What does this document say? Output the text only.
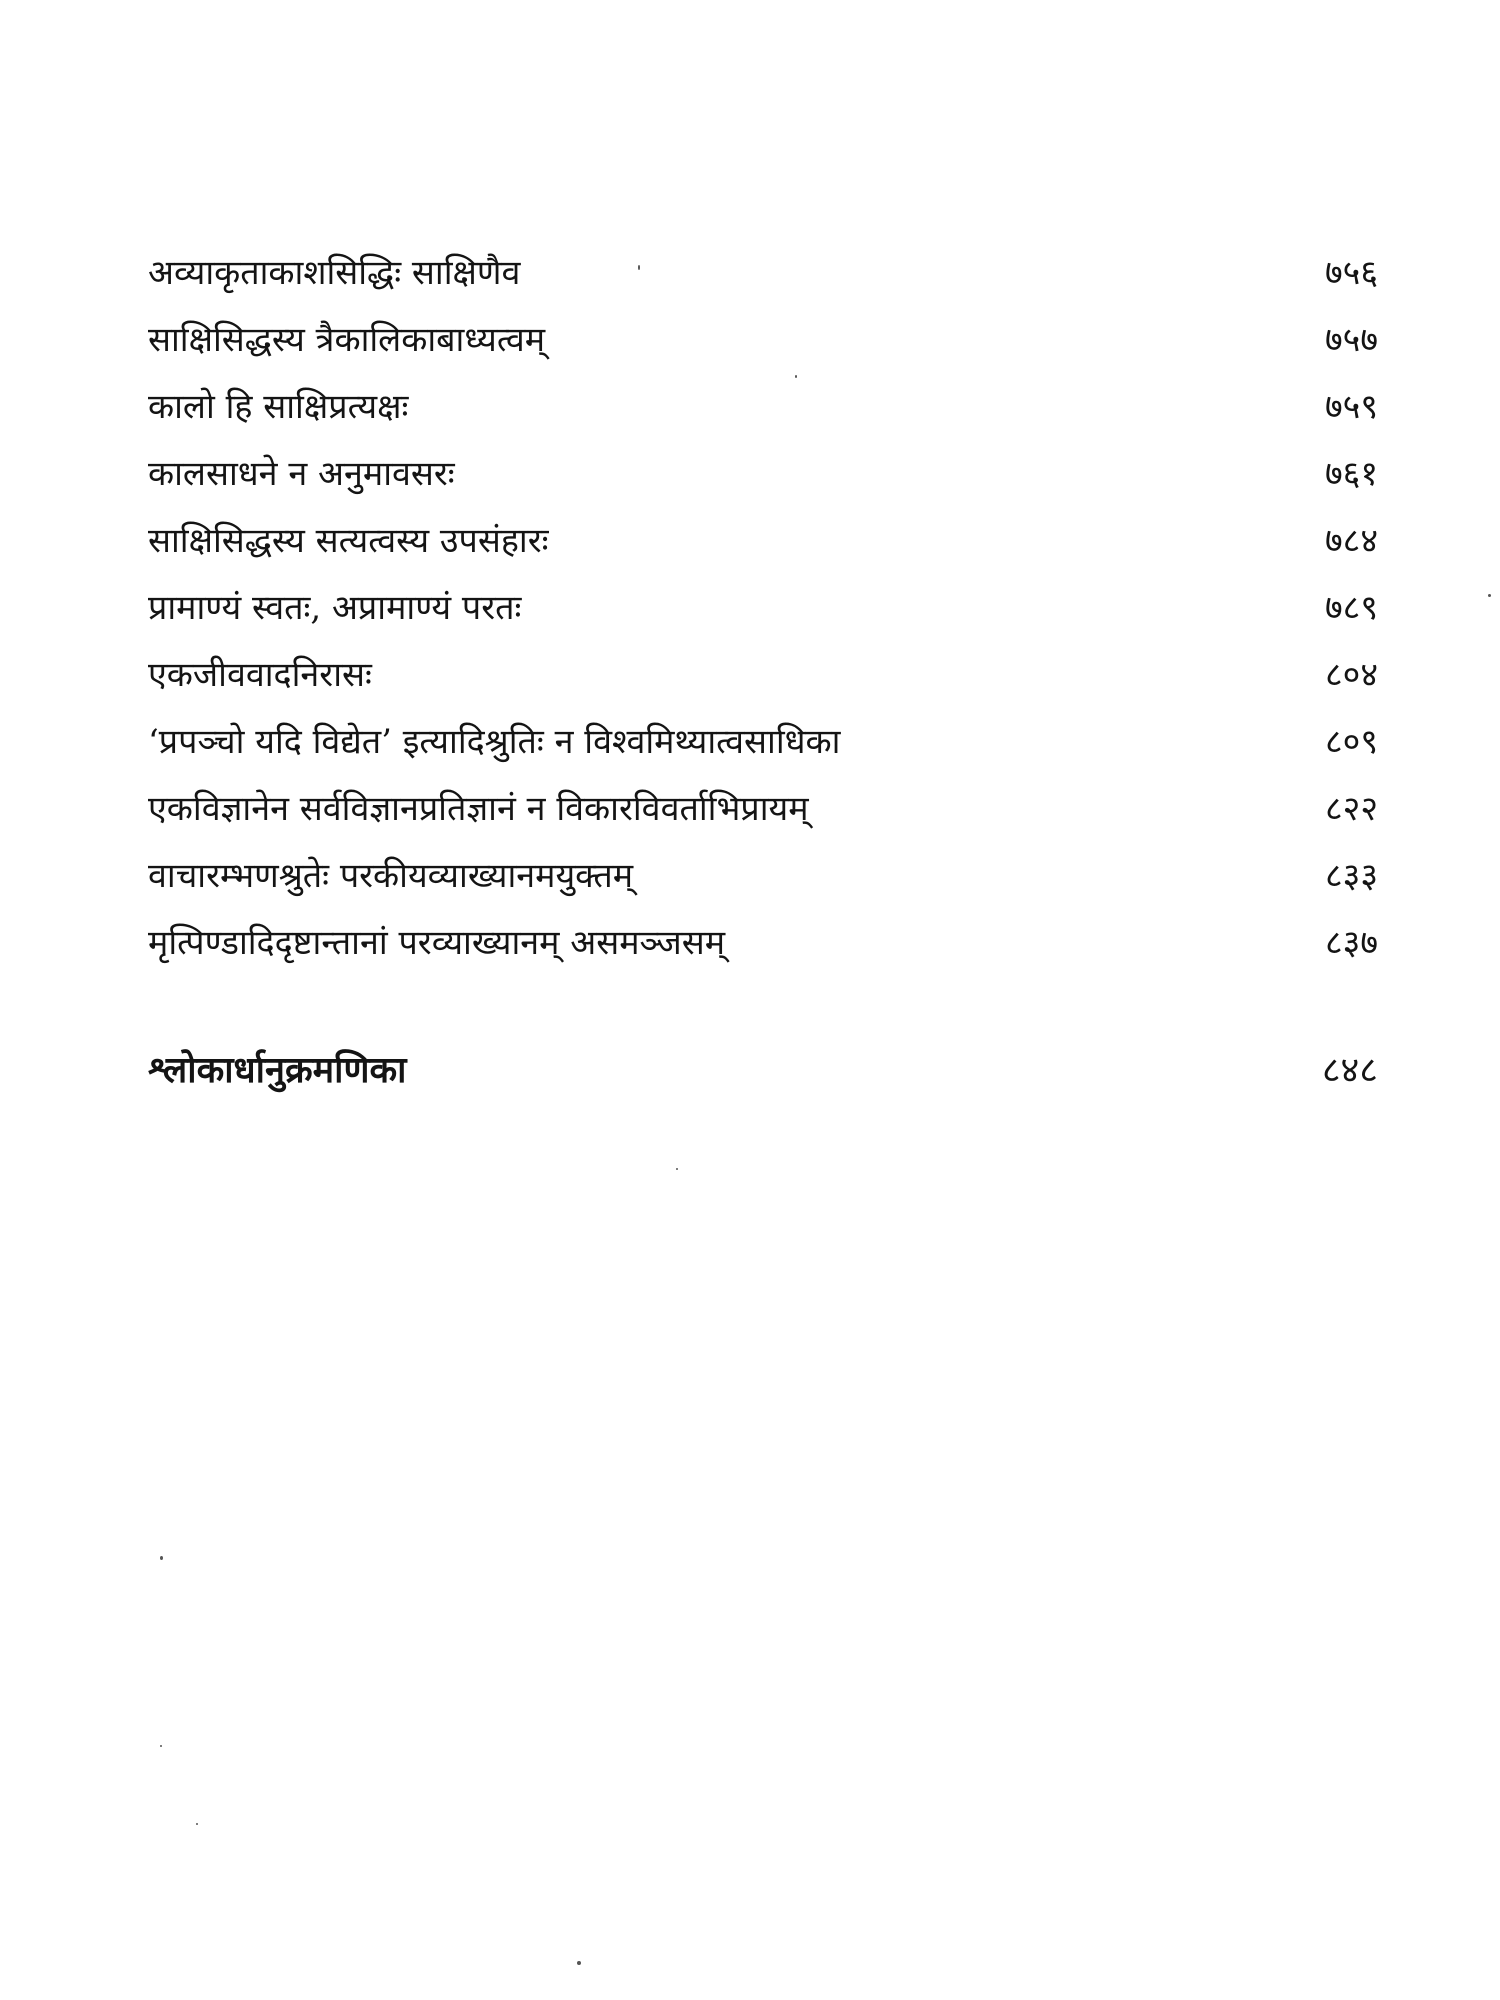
अव्याकृताकाशसिद्धिः साक्षिणैव	७५६
साक्षिसिद्धस्य त्रैकालिकाबाध्यत्वम्	७५७
कालो हि साक्षिप्रत्यक्षः	७५९
कालसाधने न अनुमावसरः	७६१
साक्षिसिद्धस्य सत्यत्वस्य उपसंहारः	७८४
प्रामाण्यं स्वतः, अप्रामाण्यं परतः	७८९
एकजीववादनिरासः	८०४
‘प्रपञ्चो यदि विद्येत’ इत्यादिश्रुतिः न विश्वमिथ्यात्वसाधिका	८०९
एकविज्ञानेन सर्वविज्ञानप्रतिज्ञानं न विकारविवर्ताभिप्रायम्	८२२
वाचारम्भणश्रुतेः परकीयव्याख्यानमयुक्तम्	८३३
मृत्पिण्डादिदृष्टान्तानां परव्याख्यानम् असमञ्जसम्	८३७
श्लोकार्धानुक्रमणिका	८४८
